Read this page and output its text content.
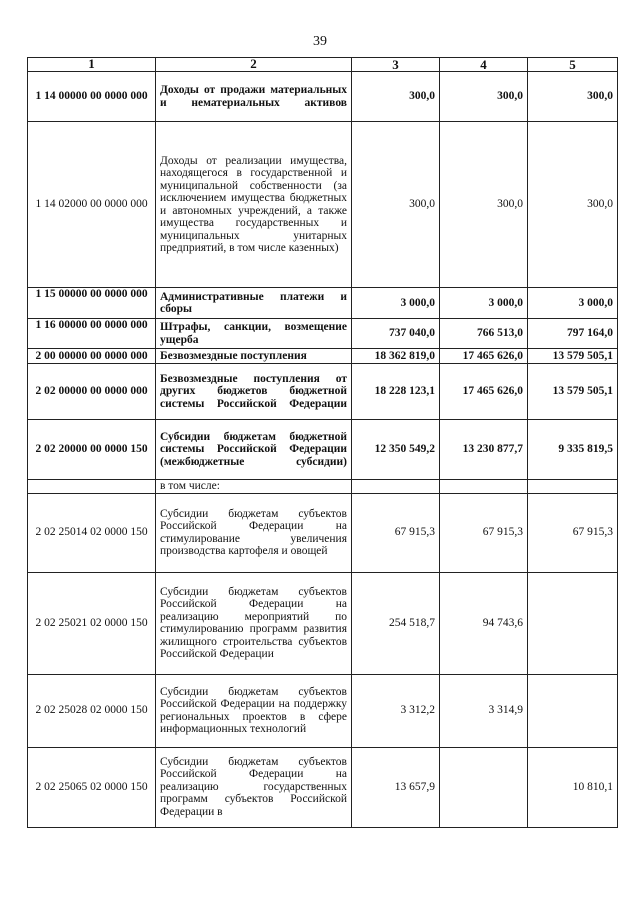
39
1	2	3	4	5
1 14 00000 00 0000 000	Доходы от продажи материальных и нематериальных активов	300,0	300,0	300,0
1 14 02000 00 0000 000	Доходы от реализации имущества, находящегося в государственной и муниципальной собственности (за исключением имущества бюджетных и автономных учреждений, а также имущества государственных и муниципальных унитарных предприятий, в том числе казенных)	300,0	300,0	300,0
1 15 00000 00 0000 000	Административные платежи и сборы	3 000,0	3 000,0	3 000,0
1 16 00000 00 0000 000	Штрафы, санкции, возмещение ущерба	737 040,0	766 513,0	797 164,0
2 00 00000 00 0000 000	Безвозмездные поступления	18 362 819,0	17 465 626,0	13 579 505,1
2 02 00000 00 0000 000	Безвозмездные поступления от других бюджетов бюджетной системы Российской Федерации	18 228 123,1	17 465 626,0	13 579 505,1
2 02 20000 00 0000 150	Субсидии бюджетам бюджетной системы Российской Федерации (межбюджетные субсидии)	12 350 549,2	13 230 877,7	9 335 819,5
	в том числе:			
2 02 25014 02 0000 150	Субсидии бюджетам субъектов Российской Федерации на стимулирование увеличения производства картофеля и овощей	67 915,3	67 915,3	67 915,3
2 02 25021 02 0000 150	Субсидии бюджетам субъектов Российской Федерации на реализацию мероприятий по стимулированию программ развития жилищного строительства субъектов Российской Федерации	254 518,7	94 743,6	
2 02 25028 02 0000 150	Субсидии бюджетам субъектов Российской Федерации на поддержку региональных проектов в сфере информационных технологий	3 312,2	3 314,9	
2 02 25065 02 0000 150	Субсидии бюджетам субъектов Российской Федерации на реализацию государственных программ субъектов Российской Федерации в	13 657,9		10 810,1
